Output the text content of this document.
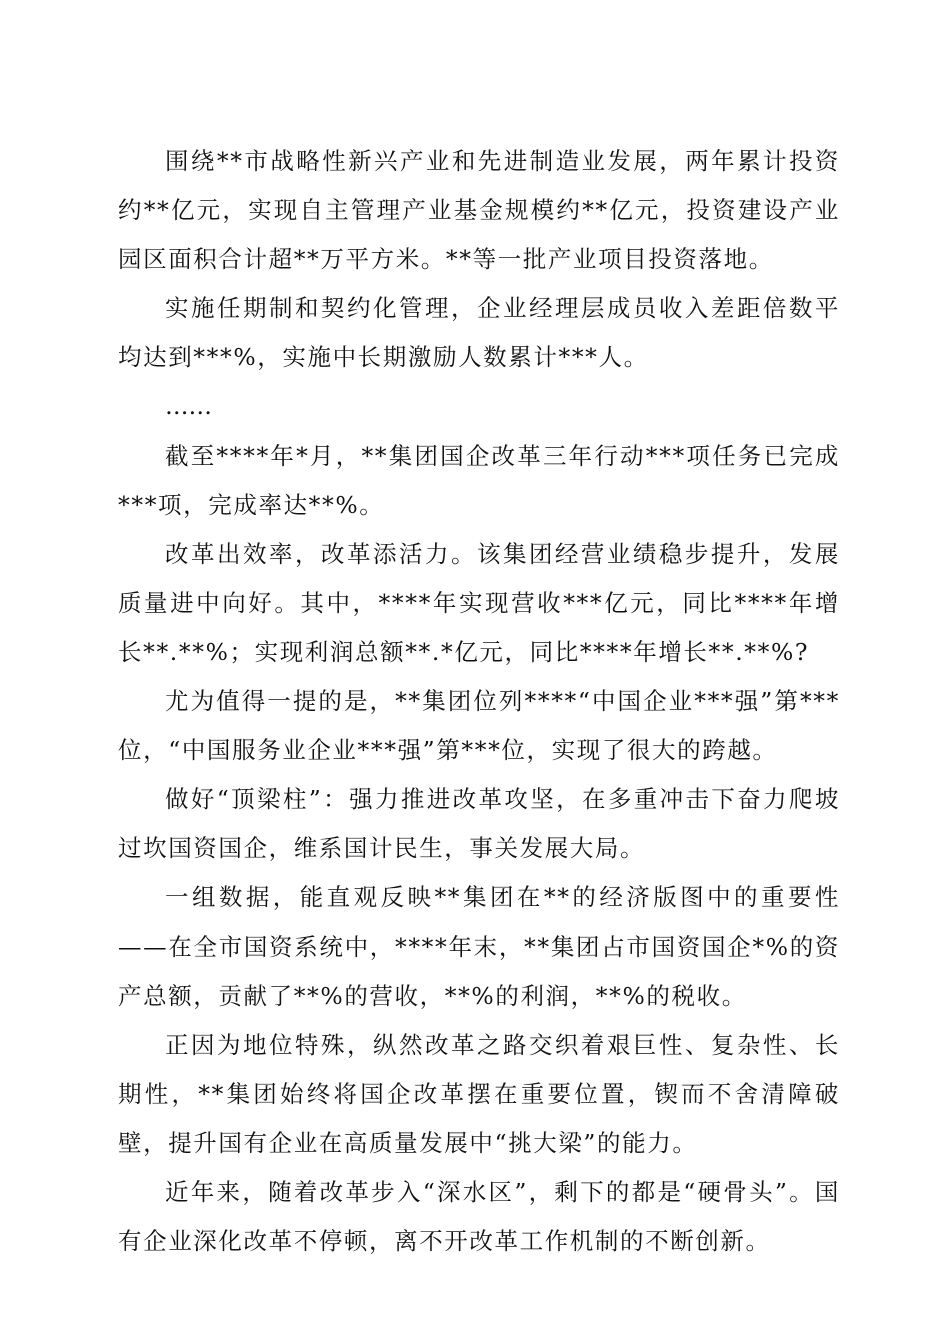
围绕**市战略性新兴产业和先进制造业发展，两年累计投资约**亿元，实现自主管理产业基金规模约**亿元，投资建设产业园区面积合计超**万平方米。**等一批产业项目投资落地。

实施任期制和契约化管理，企业经理层成员收入差距倍数平均达到***%，实施中长期激励人数累计***人。

……

截至****年*月，**集团国企改革三年行动***项任务已完成***项，完成率达**%。

改革出效率，改革添活力。该集团经营业绩稳步提升，发展质量进中向好。其中，****年实现营收***亿元，同比****年增长**.**%；实现利润总额**.*亿元，同比****年增长**.**%?

尤为值得一提的是，**集团位列****“中国企业***强”第***位，“中国服务业企业***强”第***位，实现了很大的跨越。

做好“顶梁柱”：强力推进改革攻坚，在多重冲击下奋力爬坡过坎国资国企，维系国计民生，事关发展大局。

一组数据，能直观反映**集团在**的经济版图中的重要性——在全市国资系统中，****年末，**集团占市国资国企*%的资产总额，贡献了**%的营收，**%的利润，**%的税收。

正因为地位特殊，纵然改革之路交织着艰巨性、复杂性、长期性，**集团始终将国企改革摆在重要位置，锲而不舍清障破壁，提升国有企业在高质量发展中“挑大梁”的能力。

近年来，随着改革步入“深水区”，剩下的都是“硬骨头”。国有企业深化改革不停顿，离不开改革工作机制的不断创新。
